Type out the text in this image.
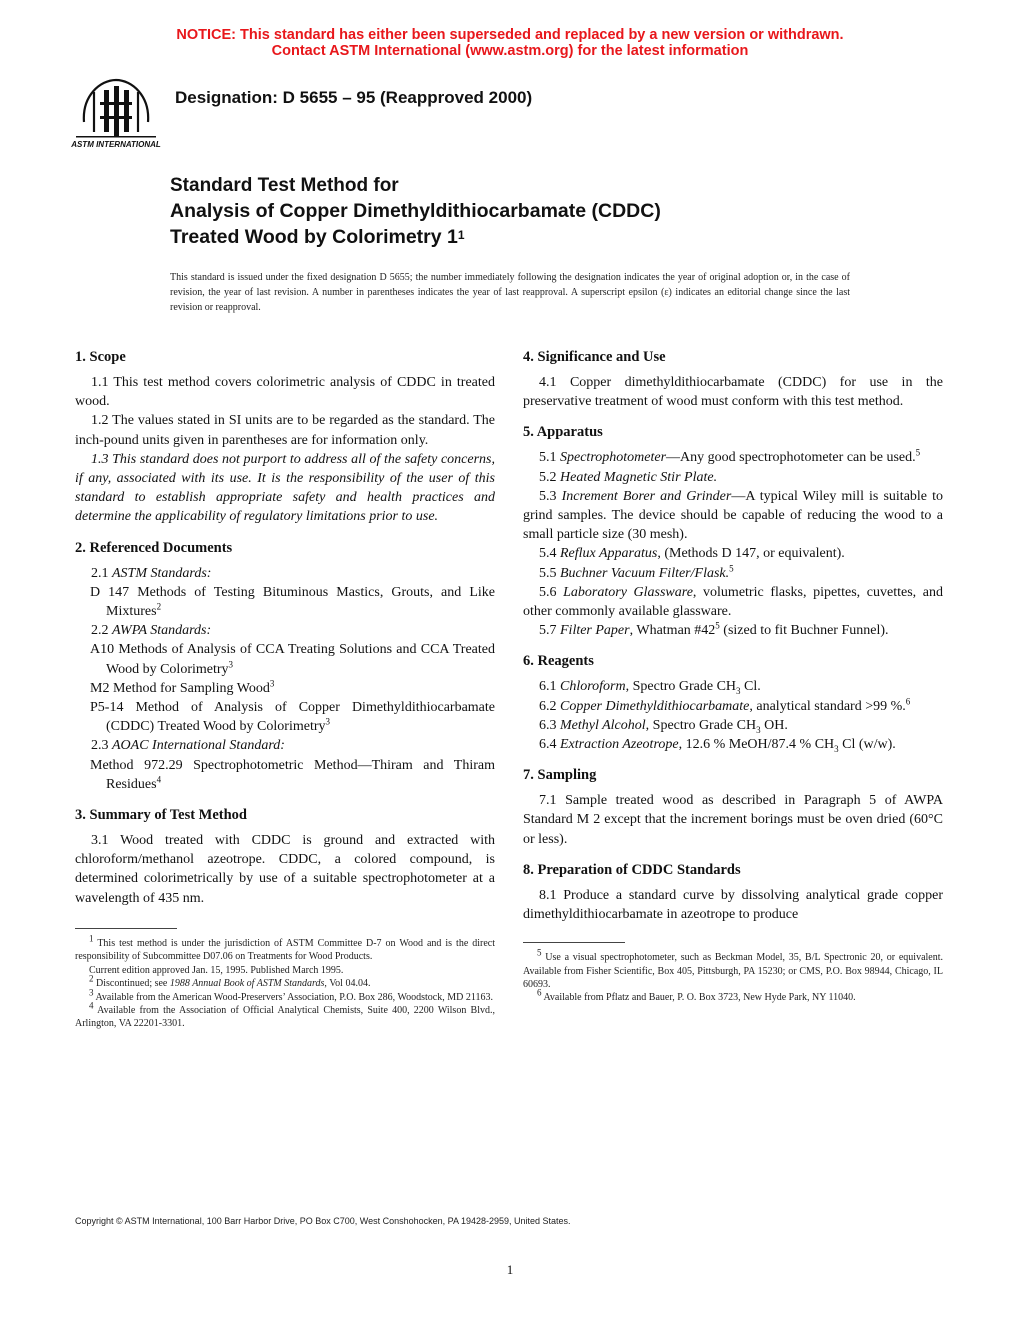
NOTICE: This standard has either been superseded and replaced by a new version or withdrawn.
Contact ASTM International (www.astm.org) for the latest information
ASTM INTERNATIONAL
Designation: D 5655 – 95 (Reapproved 2000)
Standard Test Method for
Analysis of Copper Dimethyldithiocarbamate (CDDC)
Treated Wood by Colorimetry $1^1$
This standard is issued under the fixed designation D 5655; the number immediately following the designation indicates the year of original adoption or, in the case of revision, the year of last revision. A number in parentheses indicates the year of last reapproval. A superscript epsilon (ε) indicates an editorial change since the last revision or reapproval.
1. Scope

1.1 This test method covers colorimetric analysis of CDDC in treated wood.

1.2 The values stated in SI units are to be regarded as the standard. The inch-pound units given in parentheses are for information only.

1.3 This standard does not purport to address all of the safety concerns, if any, associated with its use. It is the responsibility of the user of this standard to establish appropriate safety and health practices and determine the applicability of regulatory limitations prior to use.

2. Referenced Documents

2.1 ASTM Standards:

D 147 Methods of Testing Bituminous Mastics, Grouts, and Like Mixtures$^2$

2.2 AWPA Standards:

A10 Methods of Analysis of CCA Treating Solutions and CCA Treated Wood by Colorimetry$^3$

M2 Method for Sampling Wood$^3$

P5-14 Method of Analysis of Copper Dimethyldithiocarbamate (CDDC) Treated Wood by Colorimetry$^3$

2.3 AOAC International Standard:

Method 972.29 Spectrophotometric Method—Thiram and Thiram Residues$^4$

3. Summary of Test Method

3.1 Wood treated with CDDC is ground and extracted with chloroform/methanol azeotrope. CDDC, a colored compound, is determined colorimetrically by use of a suitable spectrophotometer at a wavelength of 435 nm.

$^1$ This test method is under the jurisdiction of ASTM Committee D-7 on Wood and is the direct responsibility of Subcommittee D07.06 on Treatments for Wood Products.

Current edition approved Jan. 15, 1995. Published March 1995.

$^2$ Discontinued; see 1988 Annual Book of ASTM Standards, Vol 04.04.

$^3$ Available from the American Wood-Preservers’ Association, P.O. Box 286, Woodstock, MD 21163.

$^4$ Available from the Association of Official Analytical Chemists, Suite 400, 2200 Wilson Blvd., Arlington, VA 22201-3301.

4. Significance and Use

4.1 Copper dimethyldithiocarbamate (CDDC) for use in the preservative treatment of wood must conform with this test method.

5. Apparatus

5.1 Spectrophotometer—Any good spectrophotometer can be used.$^5$

5.2 Heated Magnetic Stir Plate.

5.3 Increment Borer and Grinder—A typical Wiley mill is suitable to grind samples. The device should be capable of reducing the wood to a small particle size (30 mesh).

5.4 Reflux Apparatus, (Methods D 147, or equivalent).

5.5 Buchner Vacuum Filter/Flask.$^5$

5.6 Laboratory Glassware, volumetric flasks, pipettes, cuvettes, and other commonly available glassware.

5.7 Filter Paper, Whatman $\#42^5$ (sized to fit Buchner Funnel).

6. Reagents

6.1 Chloroform, Spectro Grade $CH_3$ Cl.

6.2 Copper Dimethyldithiocarbamate, analytical standard >99 %.$^6$

6.3 Methyl Alcohol, Spectro Grade $CH_3$ OH.

6.4 Extraction Azeotrope, 12.6 % MeOH/87.4 % $CH_3$ Cl (w/w).

7. Sampling

7.1 Sample treated wood as described in Paragraph 5 of AWPA Standard M 2 except that the increment borings must be oven dried (60°C or less).

8. Preparation of CDDC Standards

8.1 Produce a standard curve by dissolving analytical grade copper dimethyldithiocarbamate in azeotrope to produce

$^5$ Use a visual spectrophotometer, such as Beckman Model, 35, B/L Spectronic 20, or equivalent. Available from Fisher Scientific, Box 405, Pittsburgh, PA 15230; or CMS, P.O. Box 98944, Chicago, IL 60693.

$^6$ Available from Pflatz and Bauer, P. O. Box 3723, New Hyde Park, NY 11040.

Copyright © ASTM International, 100 Barr Harbor Drive, PO Box C700, West Conshohocken, PA 19428-2959, United States.
1
